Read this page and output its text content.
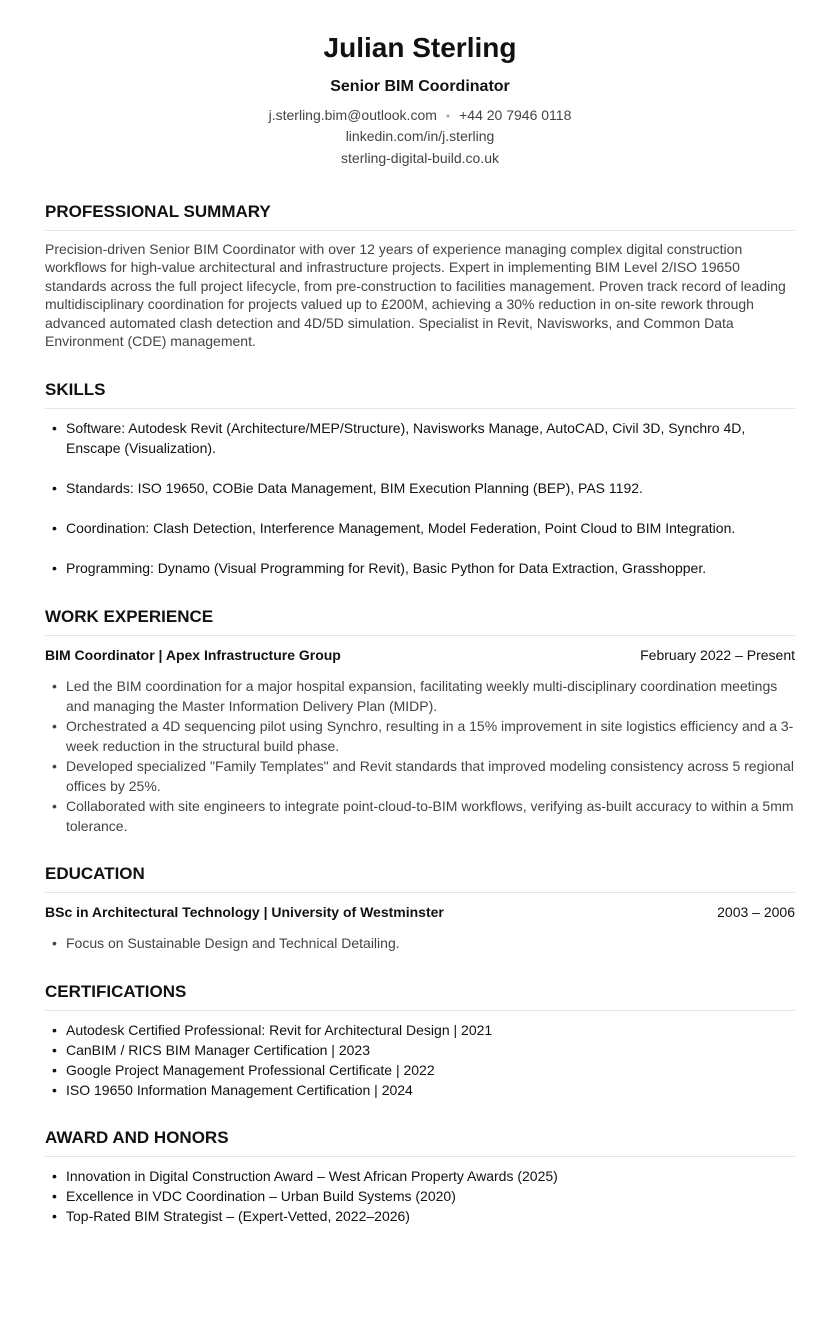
Julian Sterling
Senior BIM Coordinator
j.sterling.bim@outlook.com • +44 20 7946 0118
linkedin.com/in/j.sterling
sterling-digital-build.co.uk
PROFESSIONAL SUMMARY
Precision-driven Senior BIM Coordinator with over 12 years of experience managing complex digital construction workflows for high-value architectural and infrastructure projects. Expert in implementing BIM Level 2/ISO 19650 standards across the full project lifecycle, from pre-construction to facilities management. Proven track record of leading multidisciplinary coordination for projects valued up to £200M, achieving a 30% reduction in on-site rework through advanced automated clash detection and 4D/5D simulation. Specialist in Revit, Navisworks, and Common Data Environment (CDE) management.
SKILLS
• Software: Autodesk Revit (Architecture/MEP/Structure), Navisworks Manage, AutoCAD, Civil 3D, Synchro 4D, Enscape (Visualization).
• Standards: ISO 19650, COBie Data Management, BIM Execution Planning (BEP), PAS 1192.
• Coordination: Clash Detection, Interference Management, Model Federation, Point Cloud to BIM Integration.
• Programming: Dynamo (Visual Programming for Revit), Basic Python for Data Extraction, Grasshopper.
WORK EXPERIENCE
BIM Coordinator | Apex Infrastructure Group	February 2022 – Present
• Led the BIM coordination for a major hospital expansion, facilitating weekly multi-disciplinary coordination meetings and managing the Master Information Delivery Plan (MIDP).
• Orchestrated a 4D sequencing pilot using Synchro, resulting in a 15% improvement in site logistics efficiency and a 3-week reduction in the structural build phase.
• Developed specialized "Family Templates" and Revit standards that improved modeling consistency across 5 regional offices by 25%.
• Collaborated with site engineers to integrate point-cloud-to-BIM workflows, verifying as-built accuracy to within a 5mm tolerance.
EDUCATION
BSc in Architectural Technology | University of Westminster	2003 – 2006
• Focus on Sustainable Design and Technical Detailing.
CERTIFICATIONS
• Autodesk Certified Professional: Revit for Architectural Design | 2021
• CanBIM / RICS BIM Manager Certification | 2023
• Google Project Management Professional Certificate | 2022
• ISO 19650 Information Management Certification | 2024
AWARD AND HONORS
• Innovation in Digital Construction Award – West African Property Awards (2025)
• Excellence in VDC Coordination – Urban Build Systems (2020)
• Top-Rated BIM Strategist – (Expert-Vetted, 2022–2026)
